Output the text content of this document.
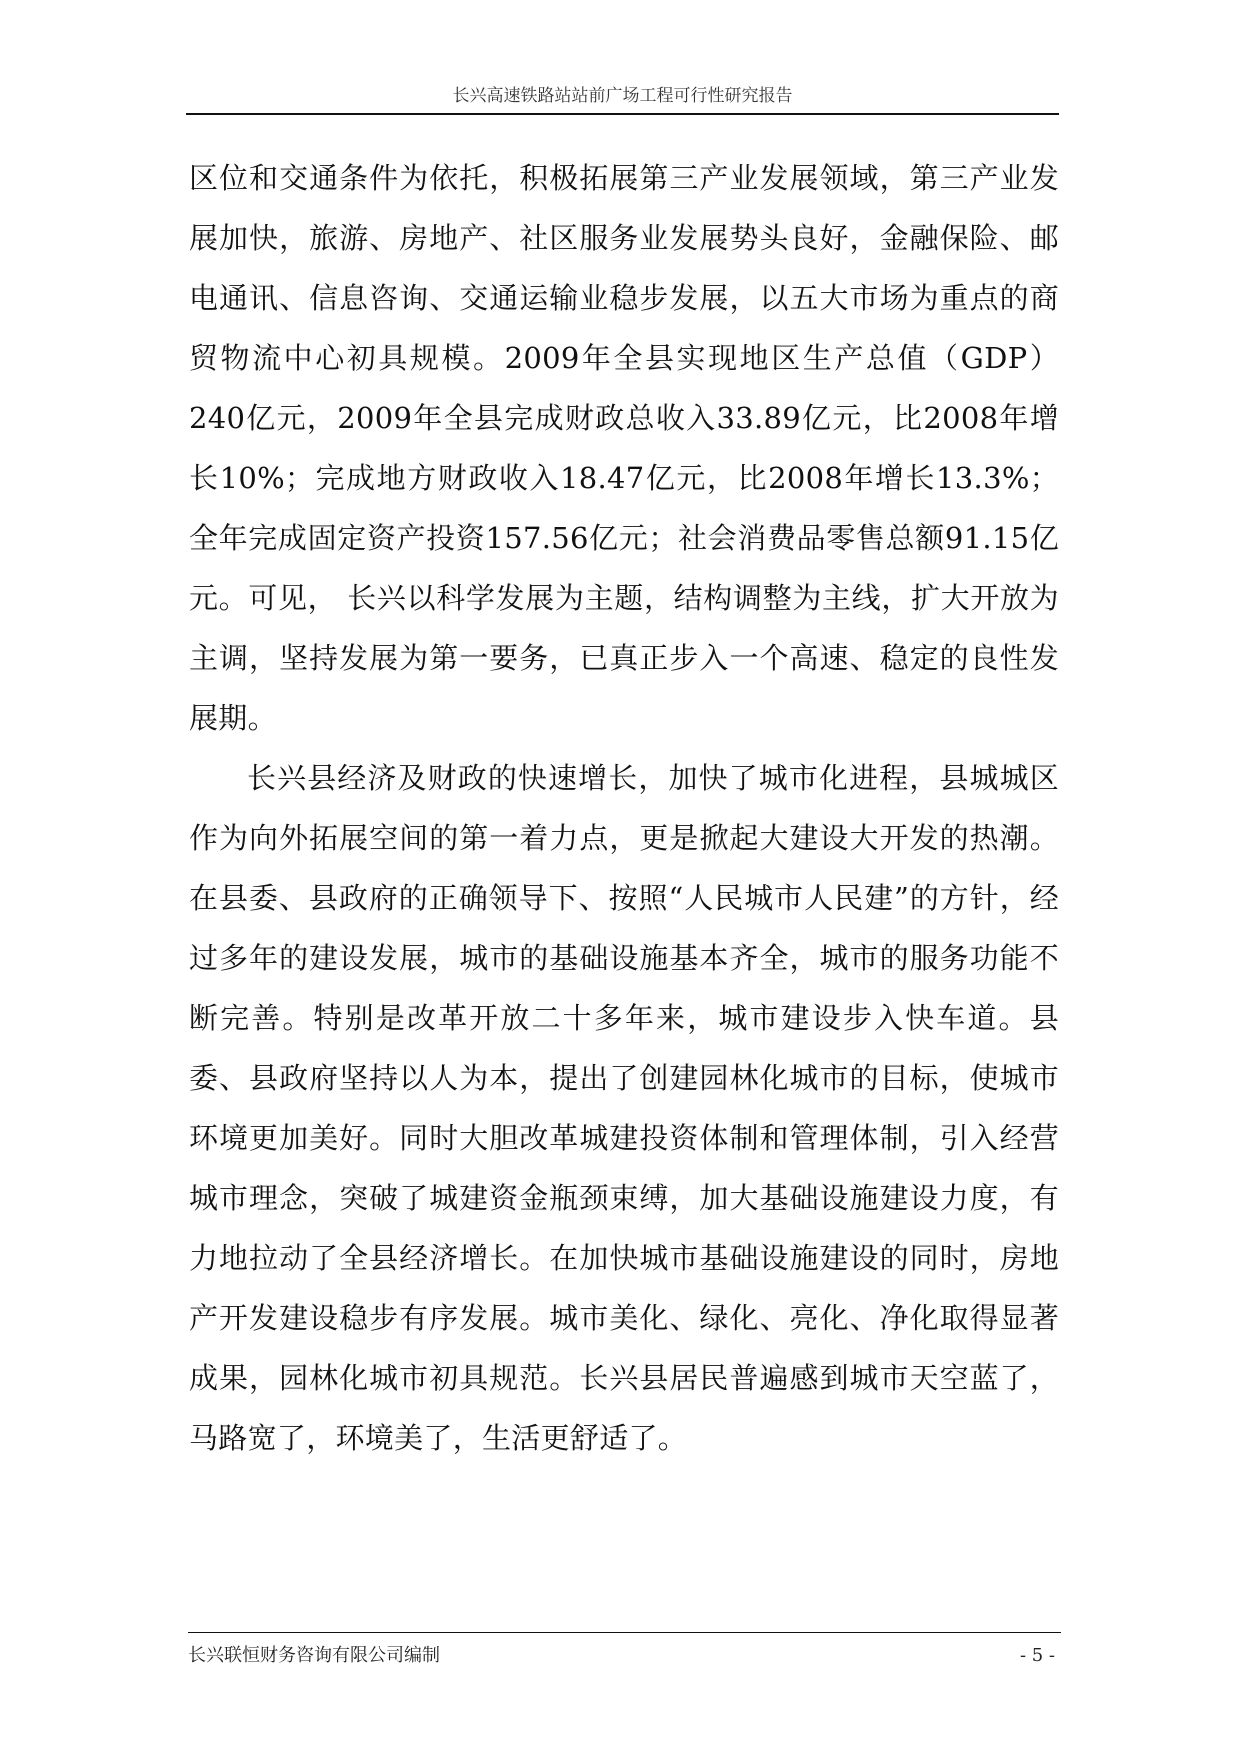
长兴高速铁路站站前广场工程可行性研究报告

区位和交通条件为依托，积极拓展第三产业发展领域，第三产业发展加快，旅游、房地产、社区服务业发展势头良好，金融保险、邮电通讯、信息咨询、交通运输业稳步发展，以五大市场为重点的商贸物流中心初具规模。2009年全县实现地区生产总值（GDP）240亿元，2009年全县完成财政总收入33.89亿元，比2008年增长10%；完成地方财政收入18.47亿元，比2008年增长13.3%；全年完成固定资产投资157.56亿元；社会消费品零售总额91.15亿元。可见， 长兴以科学发展为主题，结构调整为主线，扩大开放为主调，坚持发展为第一要务，已真正步入一个高速、稳定的良性发展期。

长兴县经济及财政的快速增长，加快了城市化进程，县城城区作为向外拓展空间的第一着力点，更是掀起大建设大开发的热潮。在县委、县政府的正确领导下、按照“人民城市人民建”的方针，经过多年的建设发展，城市的基础设施基本齐全，城市的服务功能不断完善。特别是改革开放二十多年来，城市建设步入快车道。县委、县政府坚持以人为本，提出了创建园林化城市的目标，使城市环境更加美好。同时大胆改革城建投资体制和管理体制，引入经营城市理念，突破了城建资金瓶颈束缚，加大基础设施建设力度，有力地拉动了全县经济增长。在加快城市基础设施建设的同时，房地产开发建设稳步有序发展。城市美化、绿化、亮化、净化取得显著成果，园林化城市初具规范。长兴县居民普遍感到城市天空蓝了，马路宽了，环境美了，生活更舒适了。

长兴联恒财务咨询有限公司编制	- 5 -
